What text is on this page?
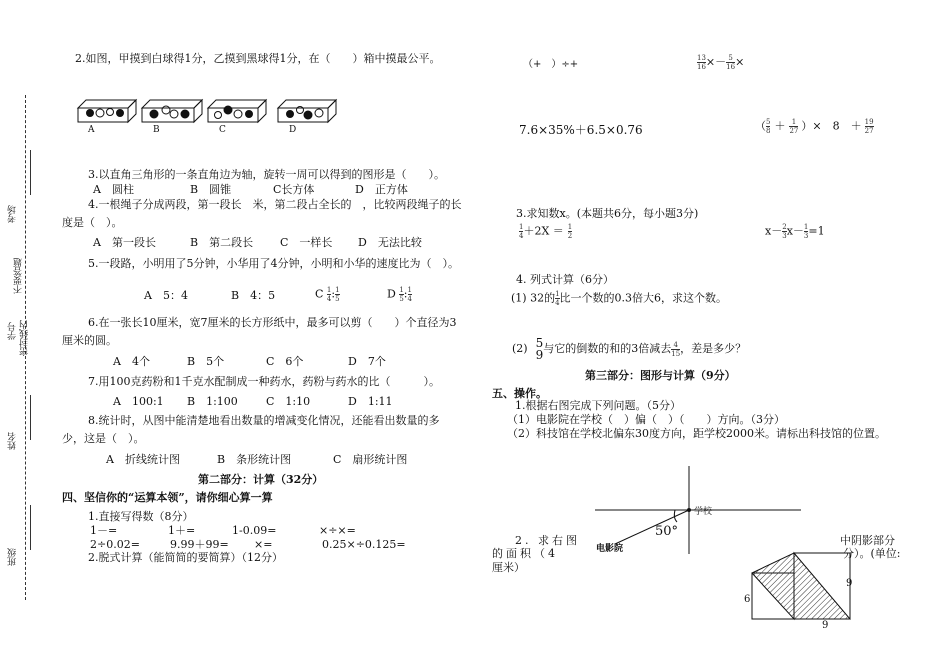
考场
不要答题
学号 密封线内
姓名
班级
2.如图，甲摸到白球得1分，乙摸到黑球得1分，在（　　）箱中摸最公平。
A	B	C	D
3.以直角三角形的一条直角边为轴，旋转一周可以得到的图形是（　　）。
A　圆柱	B　圆锥	C长方体	D　正方体
4.一根绳子分成两段，第一段长　米，第二段占全长的　，比较两段绳子的长
度是（　）。
A　第一段长	B　第二段长 C　一样长 D　无法比较
5.一段路，小明用了5分钟，小华用了4分钟，小明和小华的速度比为（　）。
A　5：4	B　4：5	C $\frac{1}{4}$ : $\frac{1}{5}$	D $\frac{1}{5}$ : $\frac{1}{4}$
6.在一张长10厘米，宽7厘米的长方形纸中，最多可以剪（　　）个直径为3
厘米的圆。
A　4个	B　5个	C　6个	D　7个
7.用100克药粉和1千克水配制成一种药水，药粉与药水的比（　　　）。
A　100:1 B　1:100	C　1:10	D　1:11
8.统计时，从图中能清楚地看出数量的增减变化情况，还能看出数量的多
少，这是（　）。
A　折线统计图	B　条形统计图	C　扇形统计图
第二部分：计算（32分）
四、坚信你的“运算本领”，请你细心算一算
1.直接写得数（8分）
1－=	1＋=	1-0.09=	×÷×=
2÷0.02=	9.99＋99= ×=	0.25×÷0.125=
2.脱式计算（能简简的要简算）（12分）
（+　）÷+	$\frac{13}{16} \times- \frac{5}{16}$ ×
7.6×35%＋6.5×0.76	（ $\frac{5}{8} + \frac{1}{27}$ ）×　8　＋ $\frac{19}{27}$
3.求知数x。(本题共6分，每小题3分)
$\frac{1}{4} +2X = \frac{1}{2}$	$x- \frac{2}{3} x- \frac{1}{3} =1$
4. 列式计算（6分）
(1) 32的 $\frac{1}{4}$ 比一个数的0.3倍大6，求这个数。
(2) 5
9 与它的倒数的和的3倍减去 $\frac{4}{15}$ ，差是多少？
第三部分：图形与计算（9分）
五、操作。
1.根据右图完成下列问题。（5分）
（1）电影院在学校（　）偏（　）（　　）方向。（3分）
（2）科技馆在学校北偏东30度方向，距学校2000米。请标出科技馆的位置。
学校
50°
电影院
2. 求右图
的面积（4
厘米）
中阴影部分
分）。(单位:
6
9
9
